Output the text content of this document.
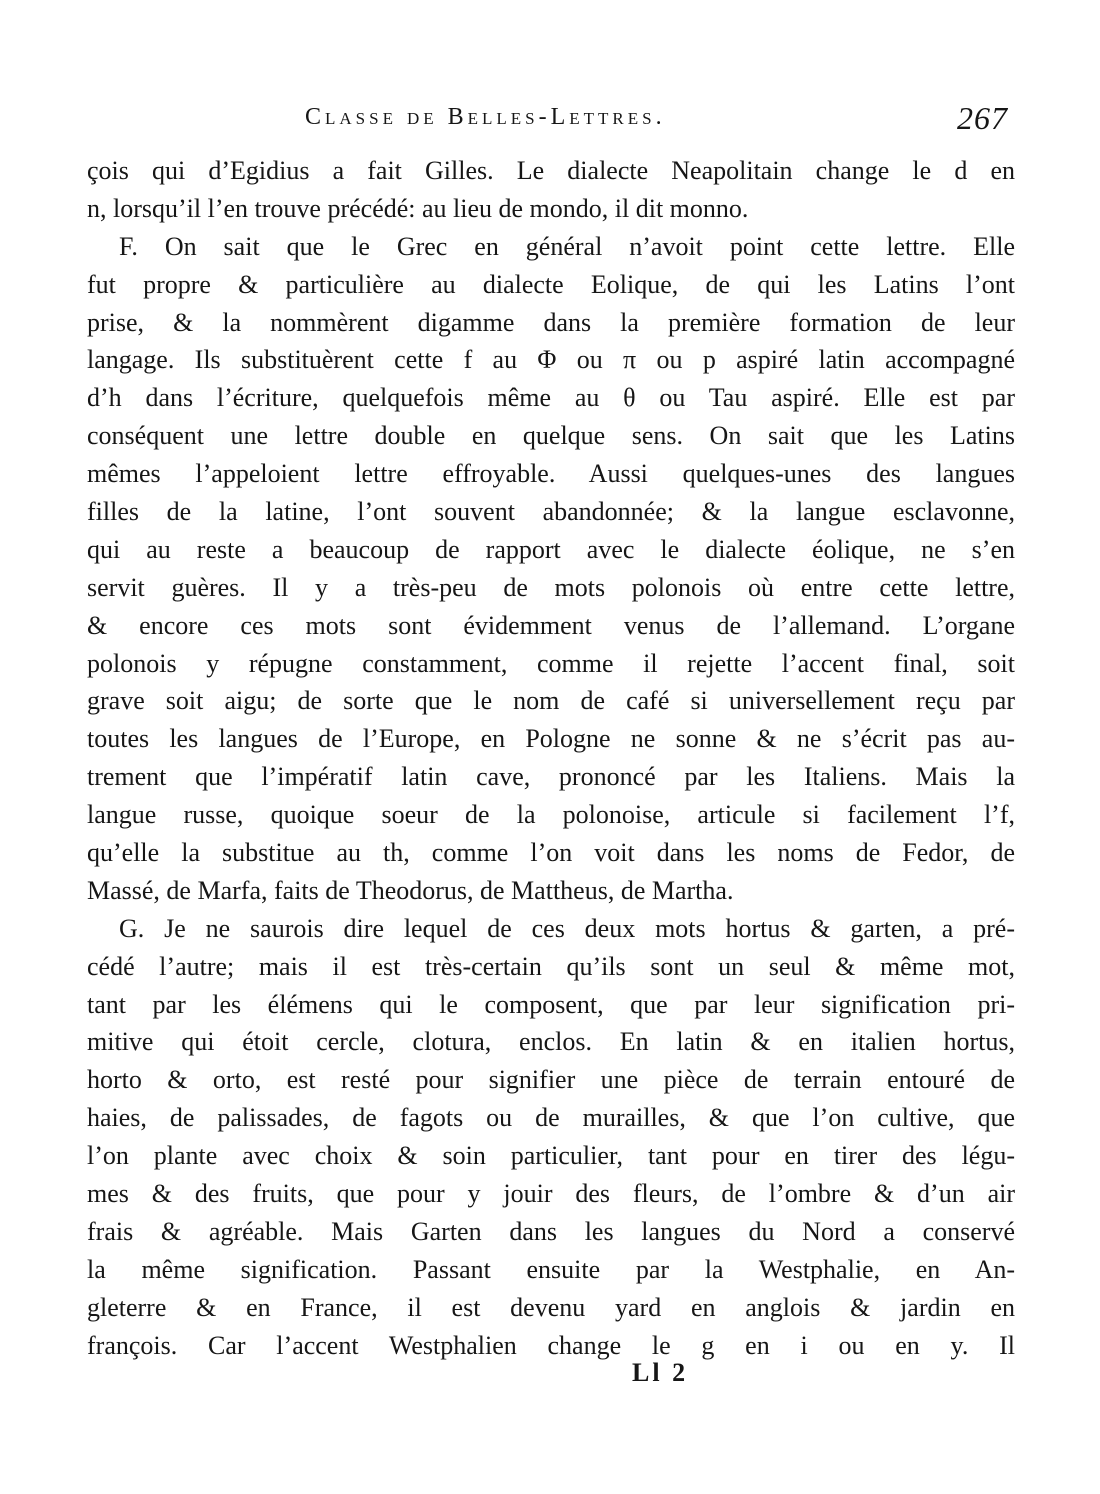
Classe de Belles-Lettres.	267
çois qui d’Egidius a fait Gilles. Le dialecte Neapolitain change le d en
n, lorsqu’il l’en trouve précédé: au lieu de mondo, il dit monno.
F. On sait que le Grec en général n’avoit point cette lettre. Elle
fut propre & particulière au dialecte Eolique, de qui les Latins l’ont
prise, & la nommèrent digamme dans la première formation de leur
langage. Ils substituèrent cette f au Φ ou π ou p aspiré latin accompagné
d’h dans l’écriture, quelquefois même au θ ou Tau aspiré. Elle est par
conséquent une lettre double en quelque sens. On sait que les Latins
mêmes l’appeloient lettre effroyable. Aussi quelques-unes des langues
filles de la latine, l’ont souvent abandonnée; & la langue esclavonne,
qui au reste a beaucoup de rapport avec le dialecte éolique, ne s’en
servit guères. Il y a très-peu de mots polonois où entre cette lettre,
& encore ces mots sont évidemment venus de l’allemand. L’organe
polonois y répugne constamment, comme il rejette l’accent final, soit
grave soit aigu; de sorte que le nom de café si universellement reçu par
toutes les langues de l’Europe, en Pologne ne sonne & ne s’écrit pas au-
trement que l’impératif latin cave, prononcé par les Italiens. Mais la
langue russe, quoique soeur de la polonoise, articule si facilement l’f,
qu’elle la substitue au th, comme l’on voit dans les noms de Fedor, de
Massé, de Marfa, faits de Theodorus, de Mattheus, de Martha.
G. Je ne saurois dire lequel de ces deux mots hortus & garten, a pré-
cédé l’autre; mais il est très-certain qu’ils sont un seul & même mot,
tant par les élémens qui le composent, que par leur signification pri-
mitive qui étoit cercle, clotura, enclos. En latin & en italien hortus,
horto & orto, est resté pour signifier une pièce de terrain entouré de
haies, de palissades, de fagots ou de murailles, & que l’on cultive, que
l’on plante avec choix & soin particulier, tant pour en tirer des légu-
mes & des fruits, que pour y jouir des fleurs, de l’ombre & d’un air
frais & agréable. Mais Garten dans les langues du Nord a conservé
la même signification. Passant ensuite par la Westphalie, en An-
gleterre & en France, il est devenu yard en anglois & jardin en
françois. Car l’accent Westphalien change le g en i ou en y. Il
Ll 2
